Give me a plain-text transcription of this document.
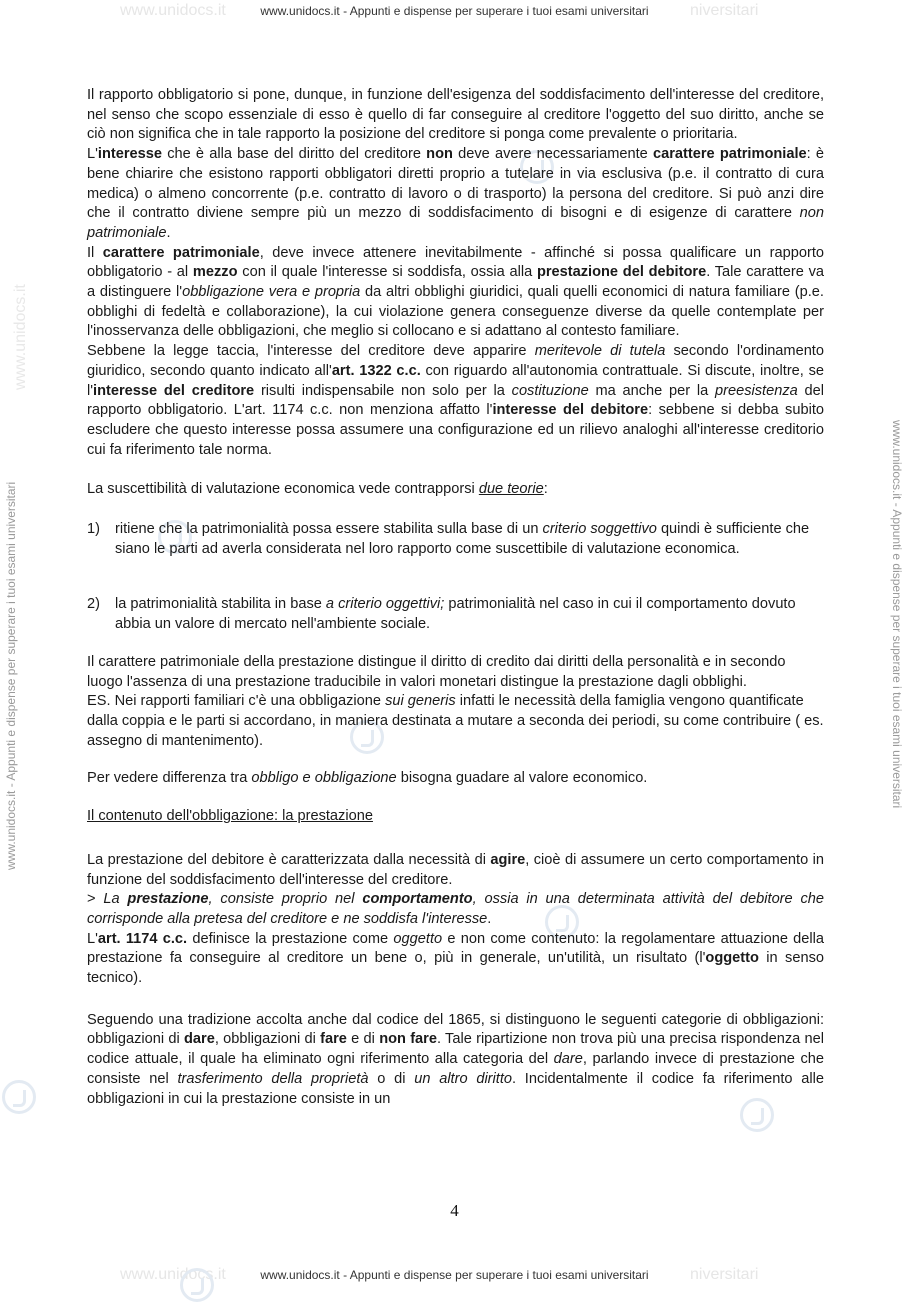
www.unidocs.it	niversitari
www.unidocs.it - Appunti e dispense per superare i tuoi esami universitari
www.unidocs.it	niversitari
www.unidocs.it - Appunti e dispense per superare i tuoi esami universitari
www.unidocs.it - Appunti e dispense per superare i tuoi esami universitari	www.unidocs.it - Appunti e dispense per superare i tuoi esami universitari
www.unidocs.it

Il rapporto obbligatorio si pone, dunque, in funzione dell'esigenza del soddisfacimento dell'interesse del creditore, nel senso che scopo essenziale di esso è quello di far conseguire al creditore l'oggetto del suo diritto, anche se ciò non significa che in tale rapporto la posizione del creditore si ponga come prevalente o prioritaria.

L'interesse che è alla base del diritto del creditore non deve avere necessariamente carattere patrimoniale: è bene chiarire che esistono rapporti obbligatori diretti proprio a tutelare in via esclusiva (p.e. il contratto di cura medica) o almeno concorrente (p.e. contratto di lavoro o di trasporto) la persona del creditore. Si può anzi dire che il contratto diviene sempre più un mezzo di soddisfacimento di bisogni e di esigenze di carattere non patrimoniale.

Il carattere patrimoniale, deve invece attenere inevitabilmente - affinché si possa qualificare un rapporto obbligatorio - al mezzo con il quale l'interesse si soddisfa, ossia alla prestazione del debitore. Tale carattere va a distinguere l'obbligazione vera e propria da altri obblighi giuridici, quali quelli economici di natura familiare (p.e. obblighi di fedeltà e collaborazione), la cui violazione genera conseguenze diverse da quelle contemplate per l'inosservanza delle obbligazioni, che meglio si collocano e si adattano al contesto familiare.

Sebbene la legge taccia, l'interesse del creditore deve apparire meritevole di tutela secondo l'ordinamento giuridico, secondo quanto indicato all'art. 1322 c.c. con riguardo all'autonomia contrattuale. Si discute, inoltre, se l'interesse del creditore risulti indispensabile non solo per la costituzione ma anche per la preesistenza del rapporto obbligatorio. L'art. 1174 c.c. non menziona affatto l'interesse del debitore: sebbene si debba subito escludere che questo interesse possa assumere una configurazione ed un rilievo analoghi all'interesse creditorio cui fa riferimento tale norma.

La suscettibilità di valutazione economica vede contrapporsi due teorie:

1) ritiene che la patrimonialità possa essere stabilita sulla base di un criterio soggettivo quindi è sufficiente che siano le parti ad averla considerata nel loro rapporto come suscettibile di valutazione economica.

2) la patrimonialità stabilita in base a criterio oggettivi; patrimonialità nel caso in cui il comportamento dovuto abbia un valore di mercato nell'ambiente sociale.

Il carattere patrimoniale della prestazione distingue il diritto di credito dai diritti della personalità e in secondo luogo l'assenza di una prestazione traducibile in valori monetari distingue la prestazione dagli obblighi.

ES. Nei rapporti familiari c'è una obbligazione sui generis infatti le necessità della famiglia vengono quantificate dalla coppia e le parti si accordano, in maniera destinata a mutare a seconda dei periodi, su come contribuire ( es. assegno di mantenimento).

Per vedere differenza tra obbligo e obbligazione bisogna guadare al valore economico.

Il contenuto dell'obbligazione: la prestazione

La prestazione del debitore è caratterizzata dalla necessità di agire, cioè di assumere un certo comportamento in funzione del soddisfacimento dell'interesse del creditore.

> La prestazione, consiste proprio nel comportamento, ossia in una determinata attività del debitore che corrisponde alla pretesa del creditore e ne soddisfa l'interesse.

L'art. 1174 c.c. definisce la prestazione come oggetto e non come contenuto: la regolamentare attuazione della prestazione fa conseguire al creditore un bene o, più in generale, un'utilità, un risultato (l'oggetto in senso tecnico).

Seguendo una tradizione accolta anche dal codice del 1865, si distinguono le seguenti categorie di obbligazioni: obbligazioni di dare, obbligazioni di fare e di non fare. Tale ripartizione non trova più una precisa rispondenza nel codice attuale, il quale ha eliminato ogni riferimento alla categoria del dare, parlando invece di prestazione che consiste nel trasferimento della proprietà o di un altro diritto. Incidentalmente il codice fa riferimento alle obbligazioni in cui la prestazione consiste in un

4
